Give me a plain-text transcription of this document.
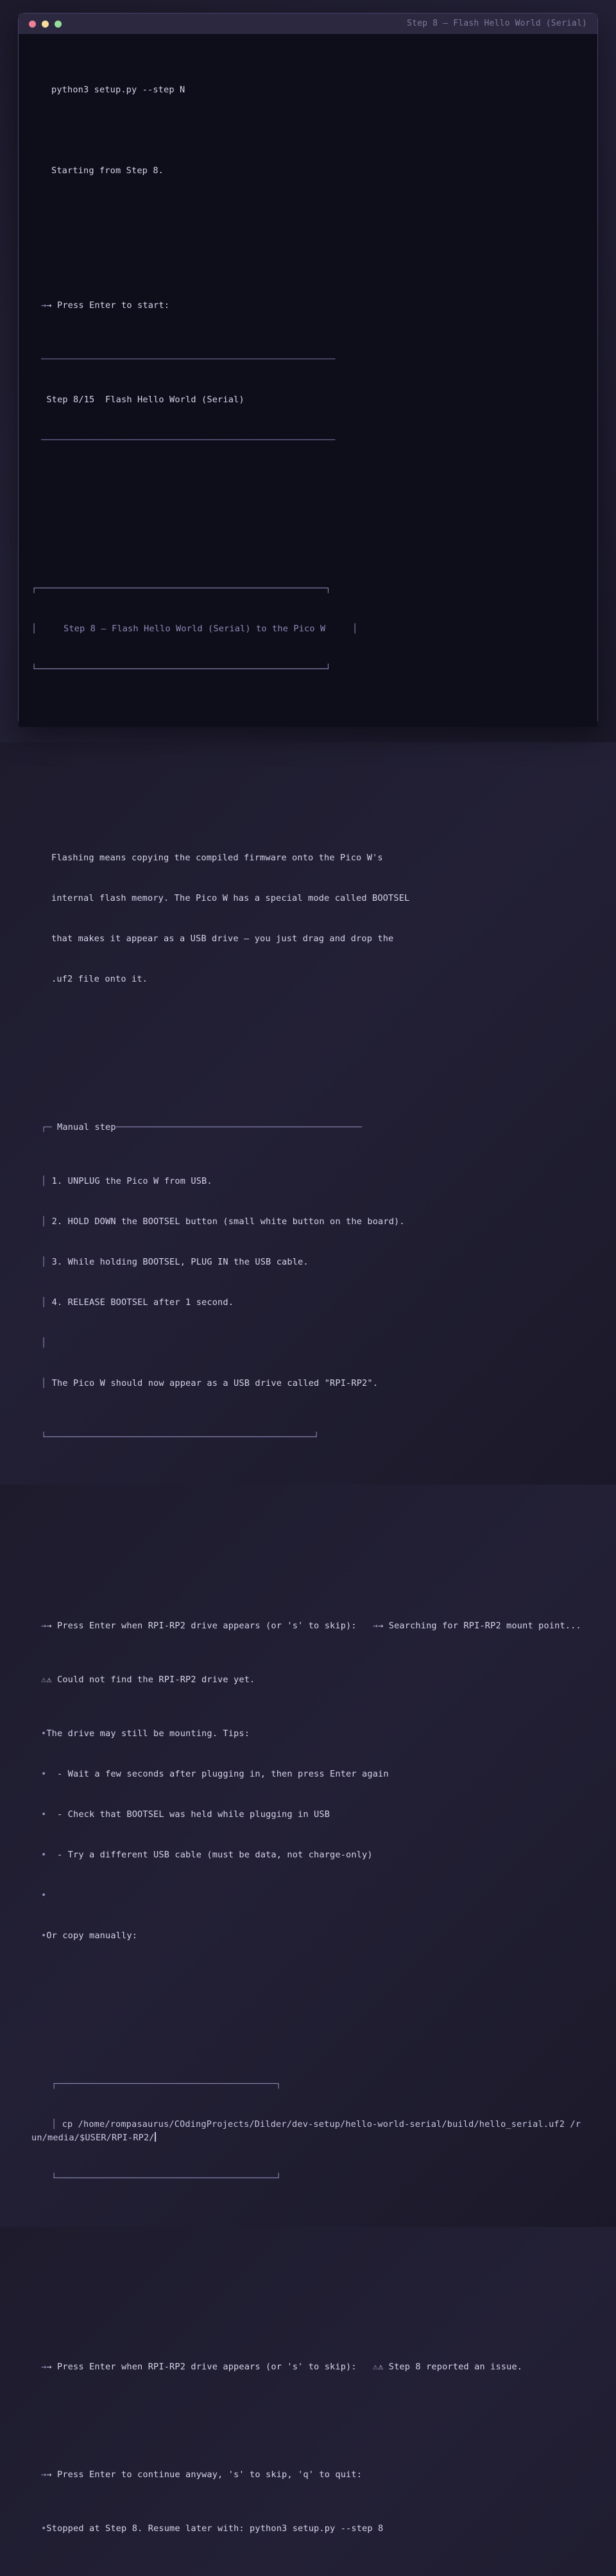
Step 8 — Flash Hello World (Serial)

python3 setup.py --step N

Starting from Step 8.

→→ Press Enter to start:

────────────────────────────────────────────────────────

Step 8/15  Flash Hello World (Serial)

────────────────────────────────────────────────────────

┌──────────────────────────────────────────────────────┐

│     Step 8 — Flash Hello World (Serial) to the Pico W     │

└──────────────────────────────────────────────────────┘

Flashing means copying the compiled firmware onto the Pico W's

internal flash memory. The Pico W has a special mode called BOOTSEL

that makes it appear as a USB drive — you just drag and drop the

.uf2 file onto it.

┌─ Manual step──────────────────────────────────────────────

│ 1. UNPLUG the Pico W from USB.

│ 2. HOLD DOWN the BOOTSEL button (small white button on the board).

│ 3. While holding BOOTSEL, PLUG IN the USB cable.

│ 4. RELEASE BOOTSEL after 1 second.

│

│ The Pico W should now appear as a USB drive called "RPI-RP2".

└──────────────────────────────────────────────────┘

→→ Press Enter when RPI-RP2 drive appears (or 's' to skip): →→ Searching for RPI-RP2 mount point...

⚠⚠ Could not find the RPI-RP2 drive yet.

•The drive may still be mounting. Tips:

•  - Wait a few seconds after plugging in, then press Enter again

•  - Check that BOOTSEL was held while plugging in USB

•  - Try a different USB cable (must be data, not charge-only)

•

•Or copy manually:

┌─────────────────────────────────────────┐

│ cp /home/rompasaurus/COdingProjects/Dilder/dev-setup/hello-world-serial/build/hello_serial.uf2 /run/media/$USER/RPI-RP2/

└─────────────────────────────────────────┘

→→ Press Enter when RPI-RP2 drive appears (or 's' to skip): ⚠⚠ Step 8 reported an issue.

→→ Press Enter to continue anyway, 's' to skip, 'q' to quit:

•Stopped at Step 8. Resume later with: python3 setup.py --step 8
